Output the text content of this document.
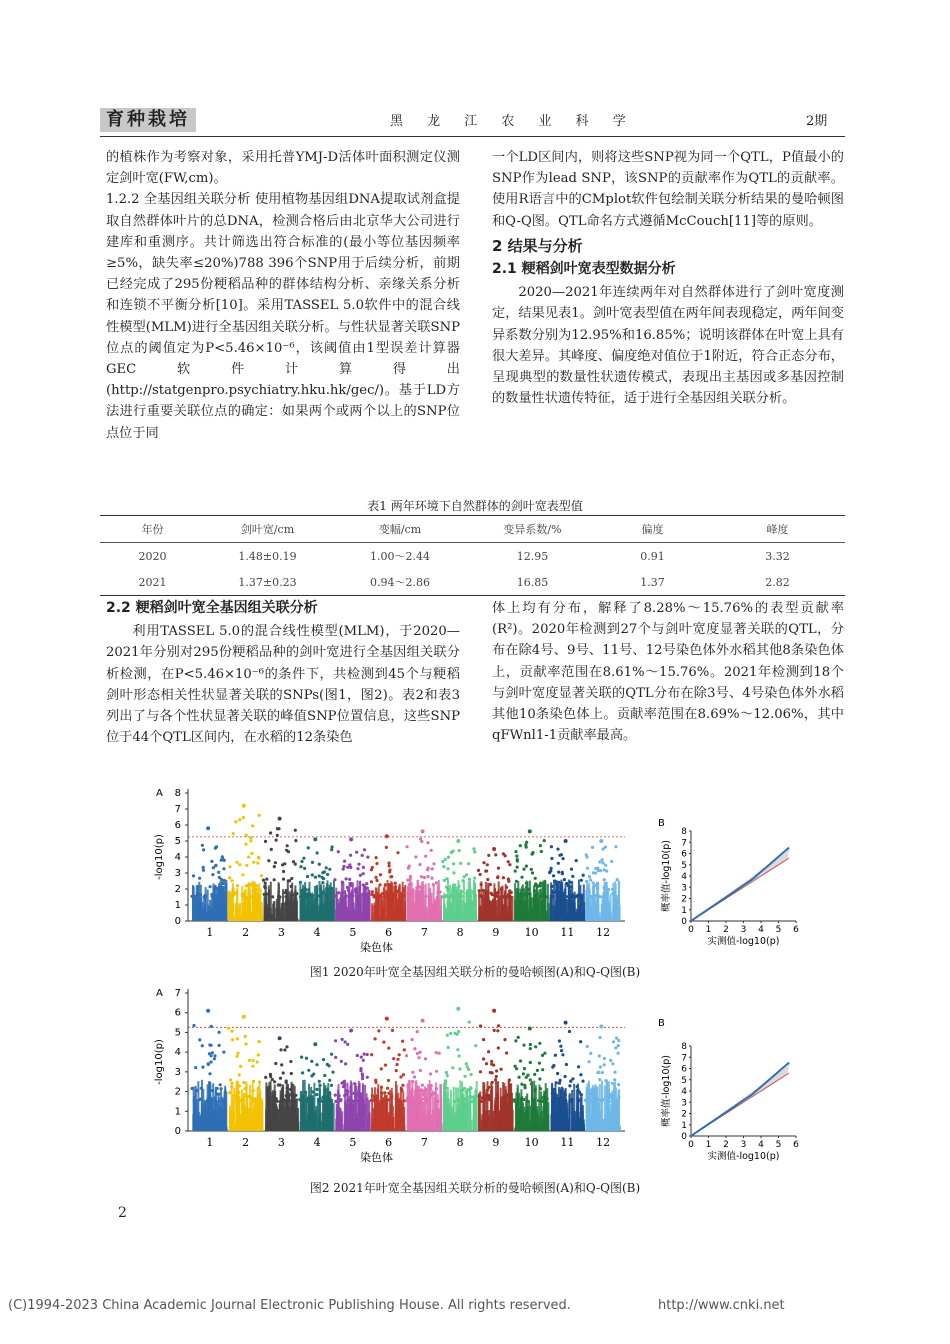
育种栽培	黑 龙 江 农 业 科 学	2期

的植株作为考察对象，采用托普YMJ-D活体叶面积测定仪测定剑叶宽(FW,cm)。

1.2.2 全基因组关联分析 使用植物基因组DNA提取试剂盒提取自然群体叶片的总DNA，检测合格后由北京华大公司进行建库和重测序。共计筛选出符合标准的(最小等位基因频率≥5%，缺失率≤20%)788 396个SNP用于后续分析，前期已经完成了295份粳稻品种的群体结构分析、亲缘关系分析和连锁不平衡分析[10]。采用TASSEL 5.0软件中的混合线性模型(MLM)进行全基因组关联分析。与性状显著关联SNP位点的阈值定为P<5.46×10⁻⁶，该阈值由1型误差计算器GEC软件计算得出(http://statgenpro.psychiatry.hku.hk/gec/)。基于LD方法进行重要关联位点的确定：如果两个或两个以上的SNP位点位于同

一个LD区间内，则将这些SNP视为同一个QTL，P值最小的SNP作为lead SNP，该SNP的贡献率作为QTL的贡献率。使用R语言中的CMplot软件包绘制关联分析结果的曼哈顿图和Q-Q图。QTL命名方式遵循McCouch[11]等的原则。

2 结果与分析

2.1 粳稻剑叶宽表型数据分析

2020—2021年连续两年对自然群体进行了剑叶宽度测定，结果见表1。剑叶宽表型值在两年间表现稳定，两年间变异系数分别为12.95%和16.85%；说明该群体在叶宽上具有很大差异。其峰度、偏度绝对值位于1附近，符合正态分布，呈现典型的数量性状遗传模式，表现出主基因或多基因控制的数量性状遗传特征，适于进行全基因组关联分析。

表1 两年环境下自然群体的剑叶宽表型值
年份	剑叶宽/cm	变幅/cm	变异系数/%	偏度	峰度
2020	1.48±0.19	1.00～2.44	12.95	0.91	3.32
2021	1.37±0.23	0.94～2.86	16.85	1.37	2.82

2.2 粳稻剑叶宽全基因组关联分析

利用TASSEL 5.0的混合线性模型(MLM)，于2020—2021年分别对295份粳稻品种的剑叶宽进行全基因组关联分析检测，在P<5.46×10⁻⁶的条件下，共检测到45个与粳稻剑叶形态相关性状显著关联的SNPs(图1，图2)。表2和表3列出了与各个性状显著关联的峰值SNP位置信息，这些SNP位于44个QTL区间内，在水稻的12条染色

体上均有分布，解释了8.28%～15.76%的表型贡献率(R²)。2020年检测到27个与剑叶宽度显著关联的QTL，分布在除4号、9号、11号、12号染色体外水稻其他8条染色体上，贡献率范围在8.61%～15.76%。2021年检测到18个与剑叶宽度显著关联的QTL分布在除3号、4号染色体外水稻其他10条染色体上。贡献率范围在8.69%～12.06%，其中qFWnl1-1贡献率最高。

A
0
1
2
3
4
5
6
7
8
-log10(p)
1	2	3	4	5	6	7	8	9 10 11 12
染色体
B
0
1
2
3
4
5
6
7
8
0 1 2 3 4 5 6
概率值-log10(p)
实测值-log10(p)
图1 2020年叶宽全基因组关联分析的曼哈顿图(A)和Q-Q图(B)
A
0
1
2
3
4
5
6
7
-log10(p)
1	2	3	4	5	6	7	8	9 10 11 12
染色体
B
0
1
2
3
4
5
6
7
8
0 1 2 3 4 5 6
概率值-log10(p)
实测值-log10(p)
图2 2021年叶宽全基因组关联分析的曼哈顿图(A)和Q-Q图(B)
2
(C)1994-2023 China Academic Journal Electronic Publishing House. All rights reserved.	http://www.cnki.net
